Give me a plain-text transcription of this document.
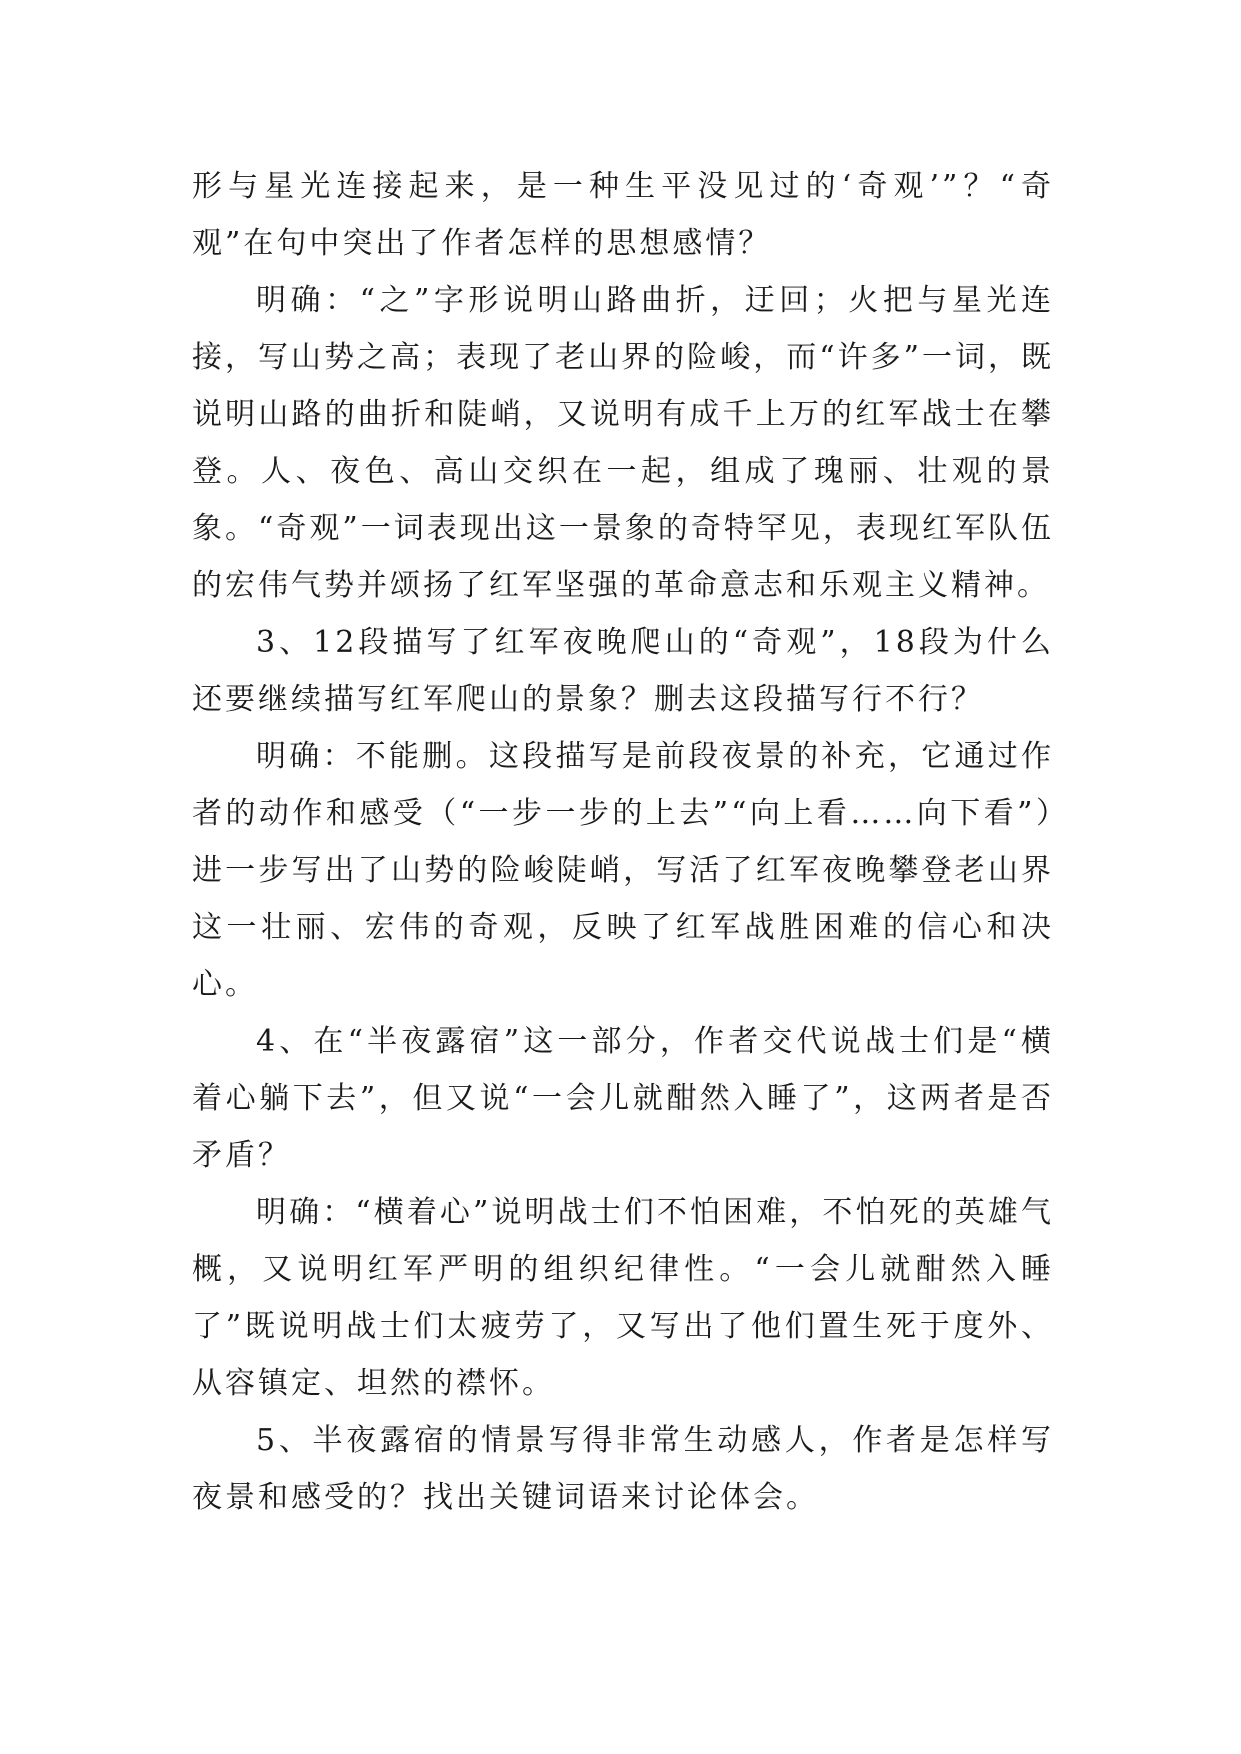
形与星光连接起来，是一种生平没见过的‘奇观’”？“奇观”在句中突出了作者怎样的思想感情？

明确：“之”字形说明山路曲折，迂回；火把与星光连接，写山势之高；表现了老山界的险峻，而“许多”一词，既说明山路的曲折和陡峭，又说明有成千上万的红军战士在攀登。人、夜色、高山交织在一起，组成了瑰丽、壮观的景象。“奇观”一词表现出这一景象的奇特罕见，表现红军队伍的宏伟气势并颂扬了红军坚强的革命意志和乐观主义精神。

3、12段描写了红军夜晚爬山的“奇观”，18段为什么还要继续描写红军爬山的景象？删去这段描写行不行？

明确：不能删。这段描写是前段夜景的补充，它通过作者的动作和感受（“一步一步的上去”“向上看……向下看”）进一步写出了山势的险峻陡峭，写活了红军夜晚攀登老山界这一壮丽、宏伟的奇观，反映了红军战胜困难的信心和决心。

4、在“半夜露宿”这一部分，作者交代说战士们是“横着心躺下去”，但又说“一会儿就酣然入睡了”，这两者是否矛盾？

明确：“横着心”说明战士们不怕困难，不怕死的英雄气概，又说明红军严明的组织纪律性。“一会儿就酣然入睡了”既说明战士们太疲劳了，又写出了他们置生死于度外、从容镇定、坦然的襟怀。

5、半夜露宿的情景写得非常生动感人，作者是怎样写夜景和感受的？找出关键词语来讨论体会。
